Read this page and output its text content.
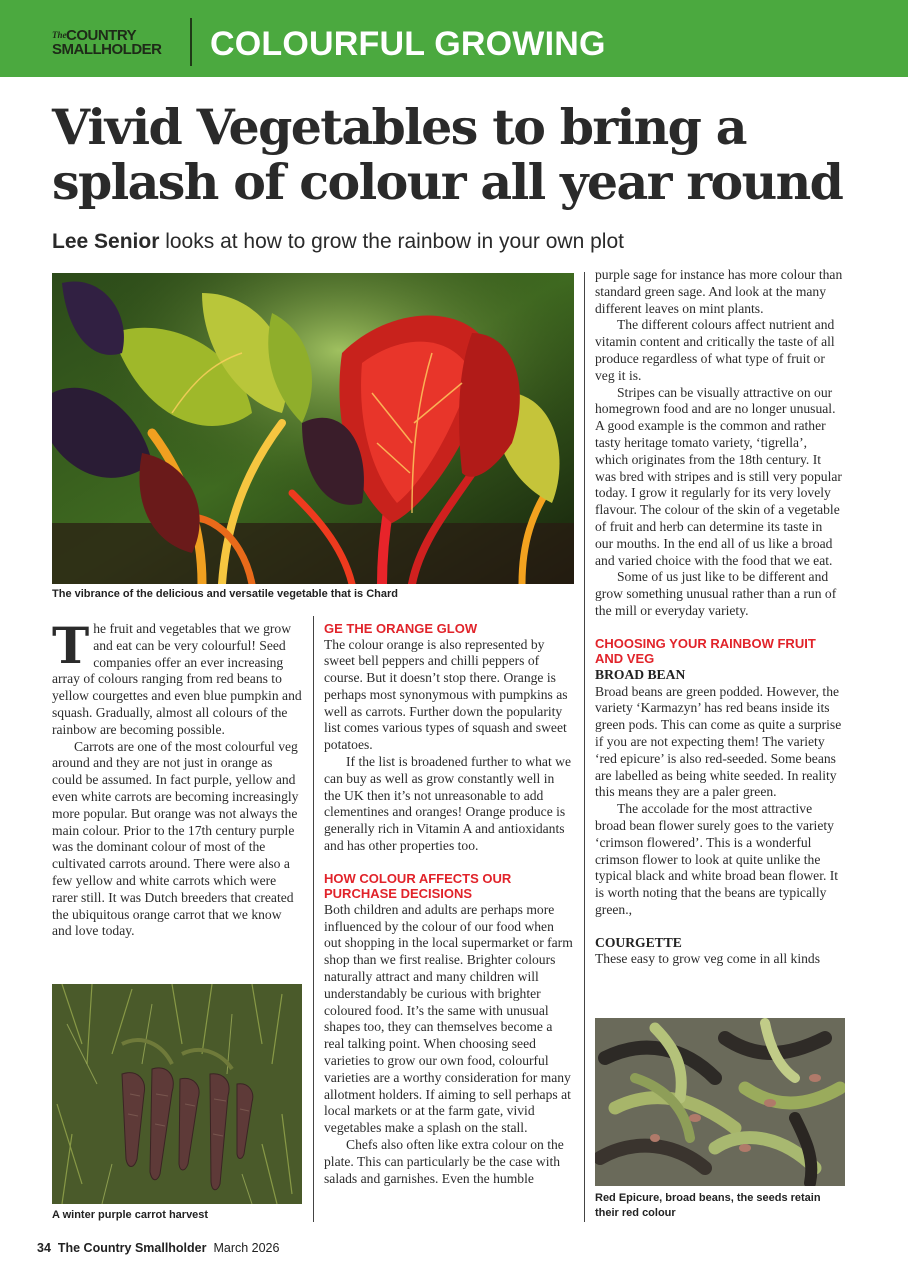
The COUNTRY
SMALLHOLDER COLOURFUL GROWING
Vivid Vegetables to bring a
splash of colour all year round
Lee Senior looks at how to grow the rainbow in your own plot
The vibrance of the delicious and versatile vegetable that is Chard

The fruit and vegetables that we grow and eat can be very colourful! Seed companies offer an ever increasing array of colours ranging from red beans to yellow courgettes and even blue pumpkin and squash. Gradually, almost all colours of the rainbow are becoming possible.

Carrots are one of the most colourful veg around and they are not just in orange as could be assumed. In fact purple, yellow and even white carrots are becoming increasingly more popular. But orange was not always the main colour. Prior to the 17th century purple was the dominant colour of most of the cultivated carrots around. There were also a few yellow and white carrots which were rarer still. It was Dutch breeders that created the ubiquitous orange carrot that we know and love today.

A winter purple carrot harvest
GE THE ORANGE GLOW

The colour orange is also represented by sweet bell peppers and chilli peppers of course. But it doesn’t stop there. Orange is perhaps most synonymous with pumpkins as well as carrots. Further down the popularity list comes various types of squash and sweet potatoes.

If the list is broadened further to what we can buy as well as grow constantly well in the UK then it’s not unreasonable to add clementines and oranges! Orange produce is generally rich in Vitamin A and antioxidants and has other properties too.

HOW COLOUR AFFECTS OUR PURCHASE DECISIONS

Both children and adults are perhaps more influenced by the colour of our food when out shopping in the local supermarket or farm shop than we first realise. Brighter colours naturally attract and many children will understandably be curious with brighter coloured food. It’s the same with unusual shapes too, they can themselves become a real talking point. When choosing seed varieties to grow our own food, colourful varieties are a worthy consideration for many allotment holders. If aiming to sell perhaps at local markets or at the farm gate, vivid vegetables make a splash on the stall.

Chefs also often like extra colour on the plate. This can particularly be the case with salads and garnishes. Even the humble

purple sage for instance has more colour than standard green sage. And look at the many different leaves on mint plants.

The different colours affect nutrient and vitamin content and critically the taste of all produce regardless of what type of fruit or veg it is.

Stripes can be visually attractive on our homegrown food and are no longer unusual. A good example is the common and rather tasty heritage tomato variety, ‘tigrella’, which originates from the 18th century. It was bred with stripes and is still very popular today. I grow it regularly for its very lovely flavour. The colour of the skin of a vegetable of fruit and herb can determine its taste in our mouths. In the end all of us like a broad and varied choice with the food that we eat.

Some of us just like to be different and grow something unusual rather than a run of the mill or everyday variety.

CHOOSING YOUR RAINBOW FRUIT AND VEG
BROAD BEAN

Broad beans are green podded. However, the variety ‘Karmazyn’ has red beans inside its green pods. This can come as quite a surprise if you are not expecting them! The variety ‘red epicure’ is also red-seeded. Some beans are labelled as being white seeded. In reality this means they are a paler green.

The accolade for the most attractive broad bean flower surely goes to the variety ‘crimson flowered’. This is a wonderful crimson flower to look at quite unlike the typical black and white broad bean flower. It is worth noting that the beans are typically green.,

COURGETTE

These easy to grow veg come in all kinds

Red Epicure, broad beans, the seeds retain their red colour
34 The Country Smallholder March 2026
